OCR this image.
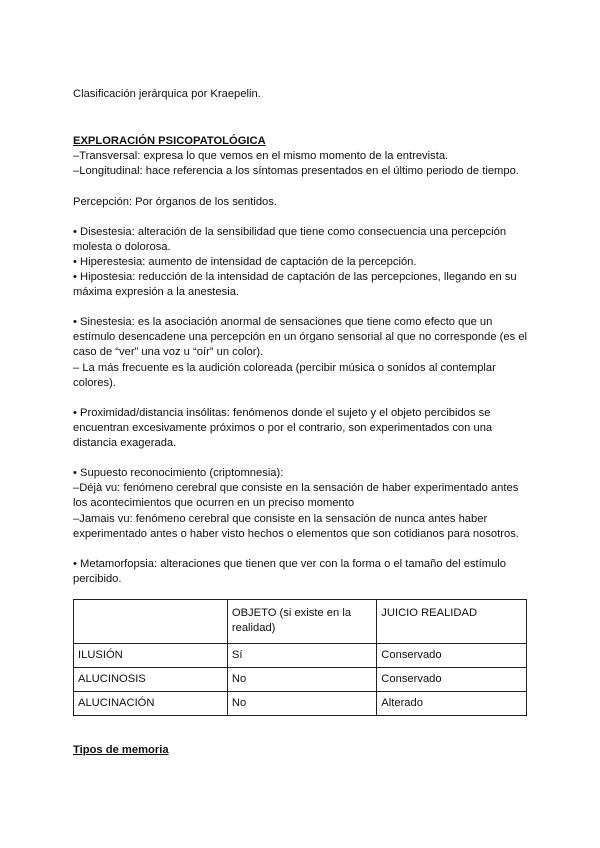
Clasificación jerárquica por Kraepelin.

EXPLORACIÓN PSICOPATOLÓGICA

–Transversal: expresa lo que vemos en el mismo momento de la entrevista.

–Longitudinal: hace referencia a los síntomas presentados en el último periodo de tiempo.

Percepción: Por órganos de los sentidos.

• Disestesia: alteración de la sensibilidad que tiene como consecuencia una percepción
molesta o dolorosa.

• Hiperestesia: aumento de intensidad de captación de la percepción.

• Hipostesia: reducción de la intensidad de captación de las percepciones, llegando en su
máxima expresión a la anestesia.

• Sinestesia: es la asociación anormal de sensaciones que tiene como efecto que un
estímulo desencadene una percepción en un órgano sensorial al que no corresponde (es el
caso de “ver” una voz u “oír” un color).

– La más frecuente es la audición coloreada (percibir música o sonidos al contemplar
colores).

• Proximidad/distancia insólitas: fenómenos donde el sujeto y el objeto percibidos se
encuentran excesivamente próximos o por el contrario, son experimentados con una
distancia exagerada.

• Supuesto reconocimiento (criptomnesia):

–Déjà vu: fenómeno cerebral que consiste en la sensación de haber experimentado antes
los acontecimientos que ocurren en un preciso momento

–Jamais vu: fenómeno cerebral que consiste en la sensación de nunca antes haber
experimentado antes o haber visto hechos o elementos que son cotidianos para nosotros.

• Metamorfopsia: alteraciones que tienen que ver con la forma o el tamaño del estímulo
percibido.

	OBJETO (si existe en la realidad)	JUICIO REALIDAD
ILUSIÓN	Sí	Conservado
ALUCINOSIS	No	Conservado
ALUCINACIÓN	No	Alterado

Tipos de memoria
